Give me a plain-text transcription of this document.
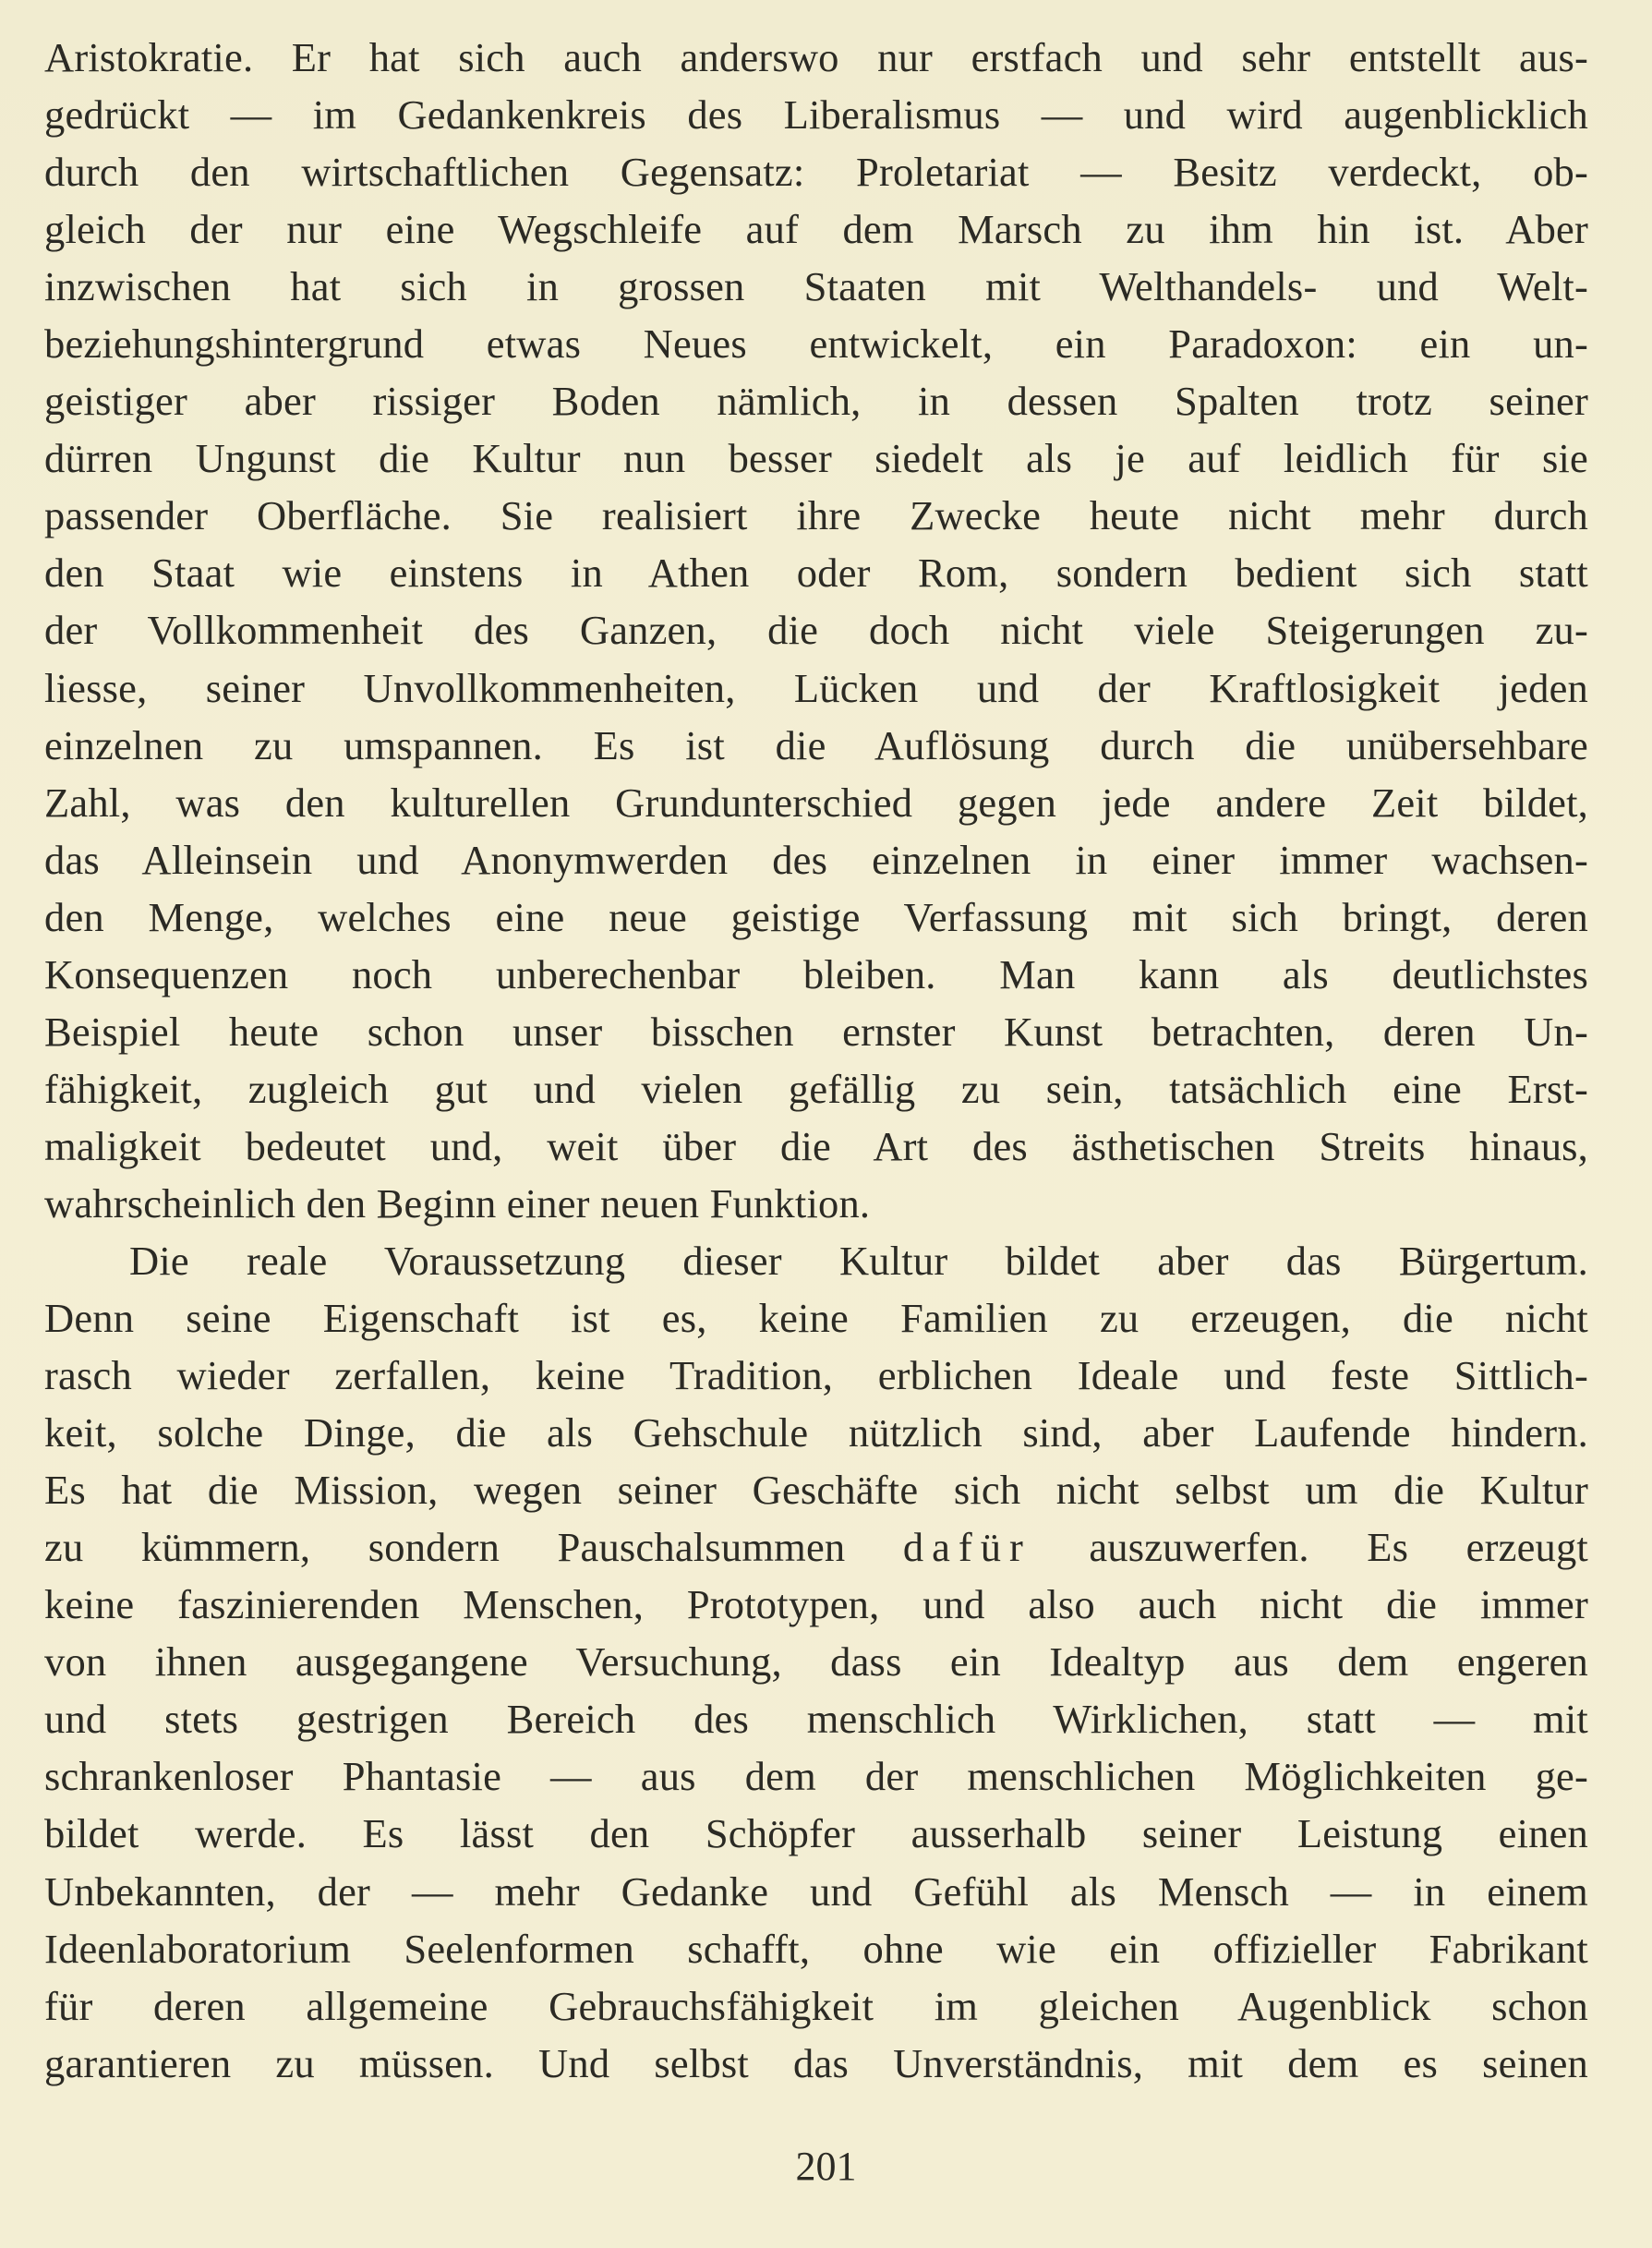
Aristokratie. Er hat sich auch anderswo nur erstfach und sehr entstellt aus-
gedrückt — im Gedankenkreis des Liberalismus — und wird augenblicklich
durch den wirtschaftlichen Gegensatz: Proletariat — Besitz verdeckt, ob-
gleich der nur eine Wegschleife auf dem Marsch zu ihm hin ist. Aber
inzwischen hat sich in grossen Staaten mit Welthandels- und Welt-
beziehungshintergrund etwas Neues entwickelt, ein Paradoxon: ein un-
geistiger aber rissiger Boden nämlich, in dessen Spalten trotz seiner
dürren Ungunst die Kultur nun besser siedelt als je auf leidlich für sie
passender Oberfläche. Sie realisiert ihre Zwecke heute nicht mehr durch
den Staat wie einstens in Athen oder Rom, sondern bedient sich statt
der Vollkommenheit des Ganzen, die doch nicht viele Steigerungen zu-
liesse, seiner Unvollkommenheiten, Lücken und der Kraftlosigkeit jeden
einzelnen zu umspannen. Es ist die Auflösung durch die unübersehbare
Zahl, was den kulturellen Grundunterschied gegen jede andere Zeit bildet,
das Alleinsein und Anonymwerden des einzelnen in einer immer wachsen-
den Menge, welches eine neue geistige Verfassung mit sich bringt, deren
Konsequenzen noch unberechenbar bleiben. Man kann als deutlichstes
Beispiel heute schon unser bisschen ernster Kunst betrachten, deren Un-
fähigkeit, zugleich gut und vielen gefällig zu sein, tatsächlich eine Erst-
maligkeit bedeutet und, weit über die Art des ästhetischen Streits hinaus,
wahrscheinlich den Beginn einer neuen Funktion.
Die reale Voraussetzung dieser Kultur bildet aber das Bürgertum.
Denn seine Eigenschaft ist es, keine Familien zu erzeugen, die nicht
rasch wieder zerfallen, keine Tradition, erblichen Ideale und feste Sittlich-
keit, solche Dinge, die als Gehschule nützlich sind, aber Laufende hindern.
Es hat die Mission, wegen seiner Geschäfte sich nicht selbst um die Kultur
zu kümmern, sondern Pauschalsummen dafür auszuwerfen. Es erzeugt
keine faszinierenden Menschen, Prototypen, und also auch nicht die immer
von ihnen ausgegangene Versuchung, dass ein Idealtyp aus dem engeren
und stets gestrigen Bereich des menschlich Wirklichen, statt — mit
schrankenloser Phantasie — aus dem der menschlichen Möglichkeiten ge-
bildet werde. Es lässt den Schöpfer ausserhalb seiner Leistung einen
Unbekannten, der — mehr Gedanke und Gefühl als Mensch — in einem
Ideenlaboratorium Seelenformen schafft, ohne wie ein offizieller Fabrikant
für deren allgemeine Gebrauchsfähigkeit im gleichen Augenblick schon
garantieren zu müssen. Und selbst das Unverständnis, mit dem es seinen
201
